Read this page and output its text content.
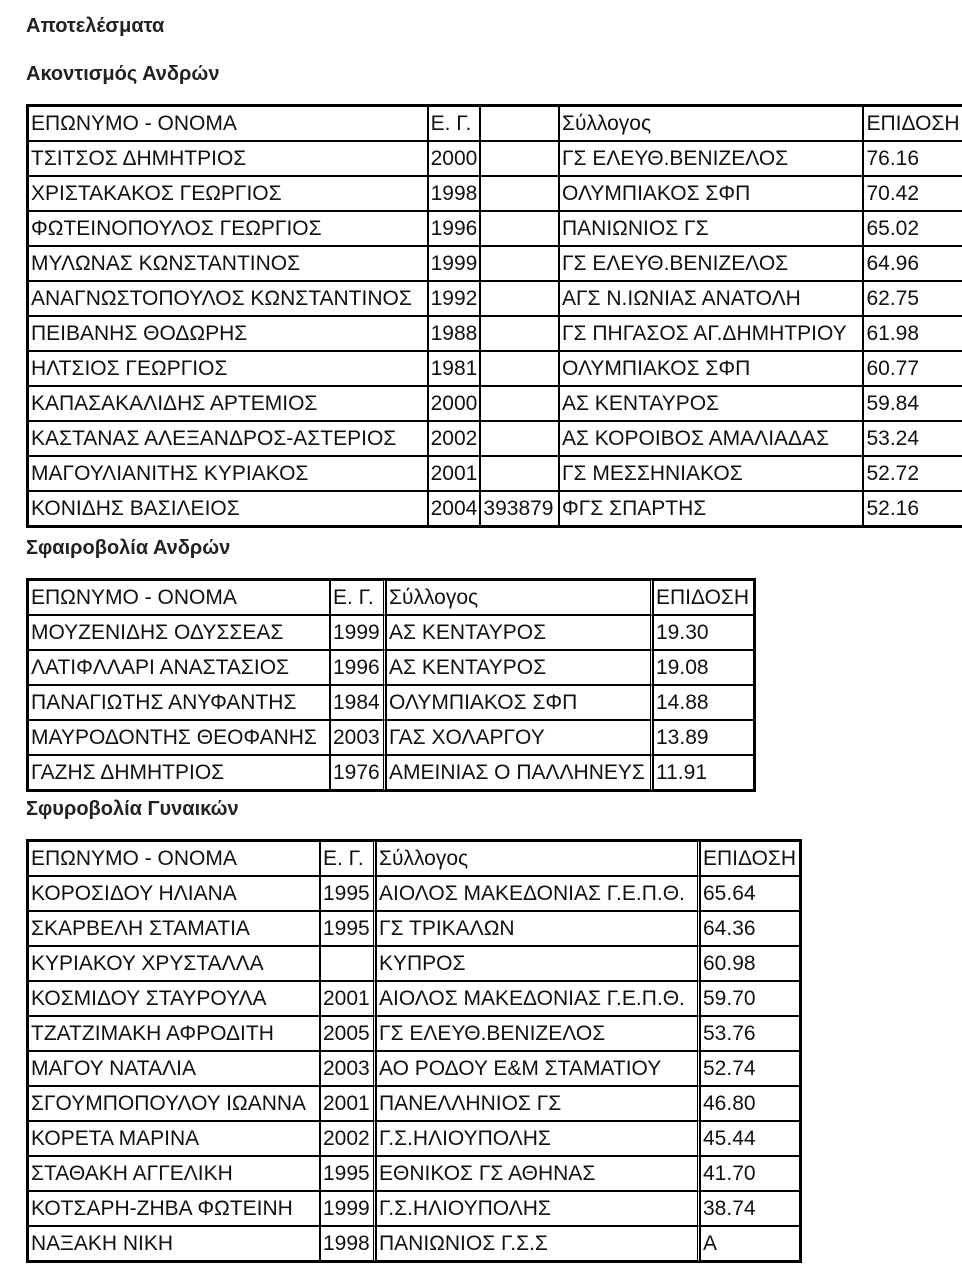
Αποτελέσματα
Ακοντισμός Ανδρών
ΕΠΩΝΥΜΟ - ΟΝΟΜΑ	Ε. Γ.		Σύλλογος	ΕΠΙΔΟΣΗ
ΤΣΙΤΣΟΣ ΔΗΜΗΤΡΙΟΣ	2000		ΓΣ ΕΛΕΥΘ.ΒΕΝΙΖΕΛΟΣ	76.16
ΧΡΙΣΤΑΚΑΚΟΣ ΓΕΩΡΓΙΟΣ	1998		ΟΛΥΜΠΙΑΚΟΣ ΣΦΠ	70.42
ΦΩΤΕΙΝΟΠΟΥΛΟΣ ΓΕΩΡΓΙΟΣ	1996		ΠΑΝΙΩΝΙΟΣ ΓΣ	65.02
ΜΥΛΩΝΑΣ ΚΩΝΣΤΑΝΤΙΝΟΣ	1999		ΓΣ ΕΛΕΥΘ.ΒΕΝΙΖΕΛΟΣ	64.96
ΑΝΑΓΝΩΣΤΟΠΟΥΛΟΣ ΚΩΝΣΤΑΝΤΙΝΟΣ	1992		ΑΓΣ Ν.ΙΩΝΙΑΣ ΑΝΑΤΟΛΗ	62.75
ΠΕΙΒΑΝΗΣ ΘΟΔΩΡΗΣ	1988		ΓΣ ΠΗΓΑΣΟΣ ΑΓ.ΔΗΜΗΤΡΙΟΥ	61.98
ΗΛΤΣΙΟΣ ΓΕΩΡΓΙΟΣ	1981		ΟΛΥΜΠΙΑΚΟΣ ΣΦΠ	60.77
ΚΑΠΑΣΑΚΑΛΙΔΗΣ ΑΡΤΕΜΙΟΣ	2000		ΑΣ ΚΕΝΤΑΥΡΟΣ	59.84
ΚΑΣΤΑΝΑΣ ΑΛΕΞΑΝΔΡΟΣ-ΑΣΤΕΡΙΟΣ	2002		ΑΣ ΚΟΡΟΙΒΟΣ ΑΜΑΛΙΑΔΑΣ	53.24
ΜΑΓΟΥΛΙΑΝΙΤΗΣ ΚΥΡΙΑΚΟΣ	2001		ΓΣ ΜΕΣΣΗΝΙΑΚΟΣ	52.72
ΚΟΝΙΔΗΣ ΒΑΣΙΛΕΙΟΣ	2004	393879	ΦΓΣ ΣΠΑΡΤΗΣ	52.16
Σφαιροβολία Ανδρών
ΕΠΩΝΥΜΟ - ΟΝΟΜΑ	Ε. Γ.	Σύλλογος	ΕΠΙΔΟΣΗ
ΜΟΥΖΕΝΙΔΗΣ ΟΔΥΣΣΕΑΣ	1999	ΑΣ ΚΕΝΤΑΥΡΟΣ	19.30
ΛΑΤΙΦΛΛΑΡΙ ΑΝΑΣΤΑΣΙΟΣ	1996	ΑΣ ΚΕΝΤΑΥΡΟΣ	19.08
ΠΑΝΑΓΙΩΤΗΣ ΑΝΥΦΑΝΤΗΣ	1984	ΟΛΥΜΠΙΑΚΟΣ ΣΦΠ	14.88
ΜΑΥΡΟΔΟΝΤΗΣ ΘΕΟΦΑΝΗΣ	2003	ΓΑΣ ΧΟΛΑΡΓΟΥ	13.89
ΓΑΖΗΣ ΔΗΜΗΤΡΙΟΣ	1976	ΑΜΕΙΝΙΑΣ Ο ΠΑΛΛΗΝΕΥΣ	11.91
Σφυροβολία Γυναικών
ΕΠΩΝΥΜΟ - ΟΝΟΜΑ	Ε. Γ.	Σύλλογος	ΕΠΙΔΟΣΗ
ΚΟΡΟΣΙΔΟΥ ΗΛΙΑΝΑ	1995	ΑΙΟΛΟΣ ΜΑΚΕΔΟΝΙΑΣ Γ.Ε.Π.Θ.	65.64
ΣΚΑΡΒΕΛΗ ΣΤΑΜΑΤΙΑ	1995	ΓΣ ΤΡΙΚΑΛΩΝ	64.36
ΚΥΡΙΑΚΟΥ ΧΡΥΣΤΑΛΛΑ		ΚΥΠΡΟΣ	60.98
ΚΟΣΜΙΔΟΥ ΣΤΑΥΡΟΥΛΑ	2001	ΑΙΟΛΟΣ ΜΑΚΕΔΟΝΙΑΣ Γ.Ε.Π.Θ.	59.70
ΤΖΑΤΖΙΜΑΚΗ ΑΦΡΟΔΙΤΗ	2005	ΓΣ ΕΛΕΥΘ.ΒΕΝΙΖΕΛΟΣ	53.76
ΜΑΓΟΥ ΝΑΤΑΛΙΑ	2003	ΑΟ ΡΟΔΟΥ Ε&Μ ΣΤΑΜΑΤΙΟΥ	52.74
ΣΓΟΥΜΠΟΠΟΥΛΟΥ ΙΩΑΝΝΑ	2001	ΠΑΝΕΛΛΗΝΙΟΣ ΓΣ	46.80
ΚΟΡΕΤΑ ΜΑΡΙΝΑ	2002	Γ.Σ.ΗΛΙΟΥΠΟΛΗΣ	45.44
ΣΤΑΘΑΚΗ ΑΓΓΕΛΙΚΗ	1995	ΕΘΝΙΚΟΣ ΓΣ ΑΘΗΝΑΣ	41.70
ΚΟΤΣΑΡΗ-ΖΗΒΑ ΦΩΤΕΙΝΗ	1999	Γ.Σ.ΗΛΙΟΥΠΟΛΗΣ	38.74
ΝΑΞΑΚΗ ΝΙΚΗ	1998	ΠΑΝΙΩΝΙΟΣ Γ.Σ.Σ	Α
